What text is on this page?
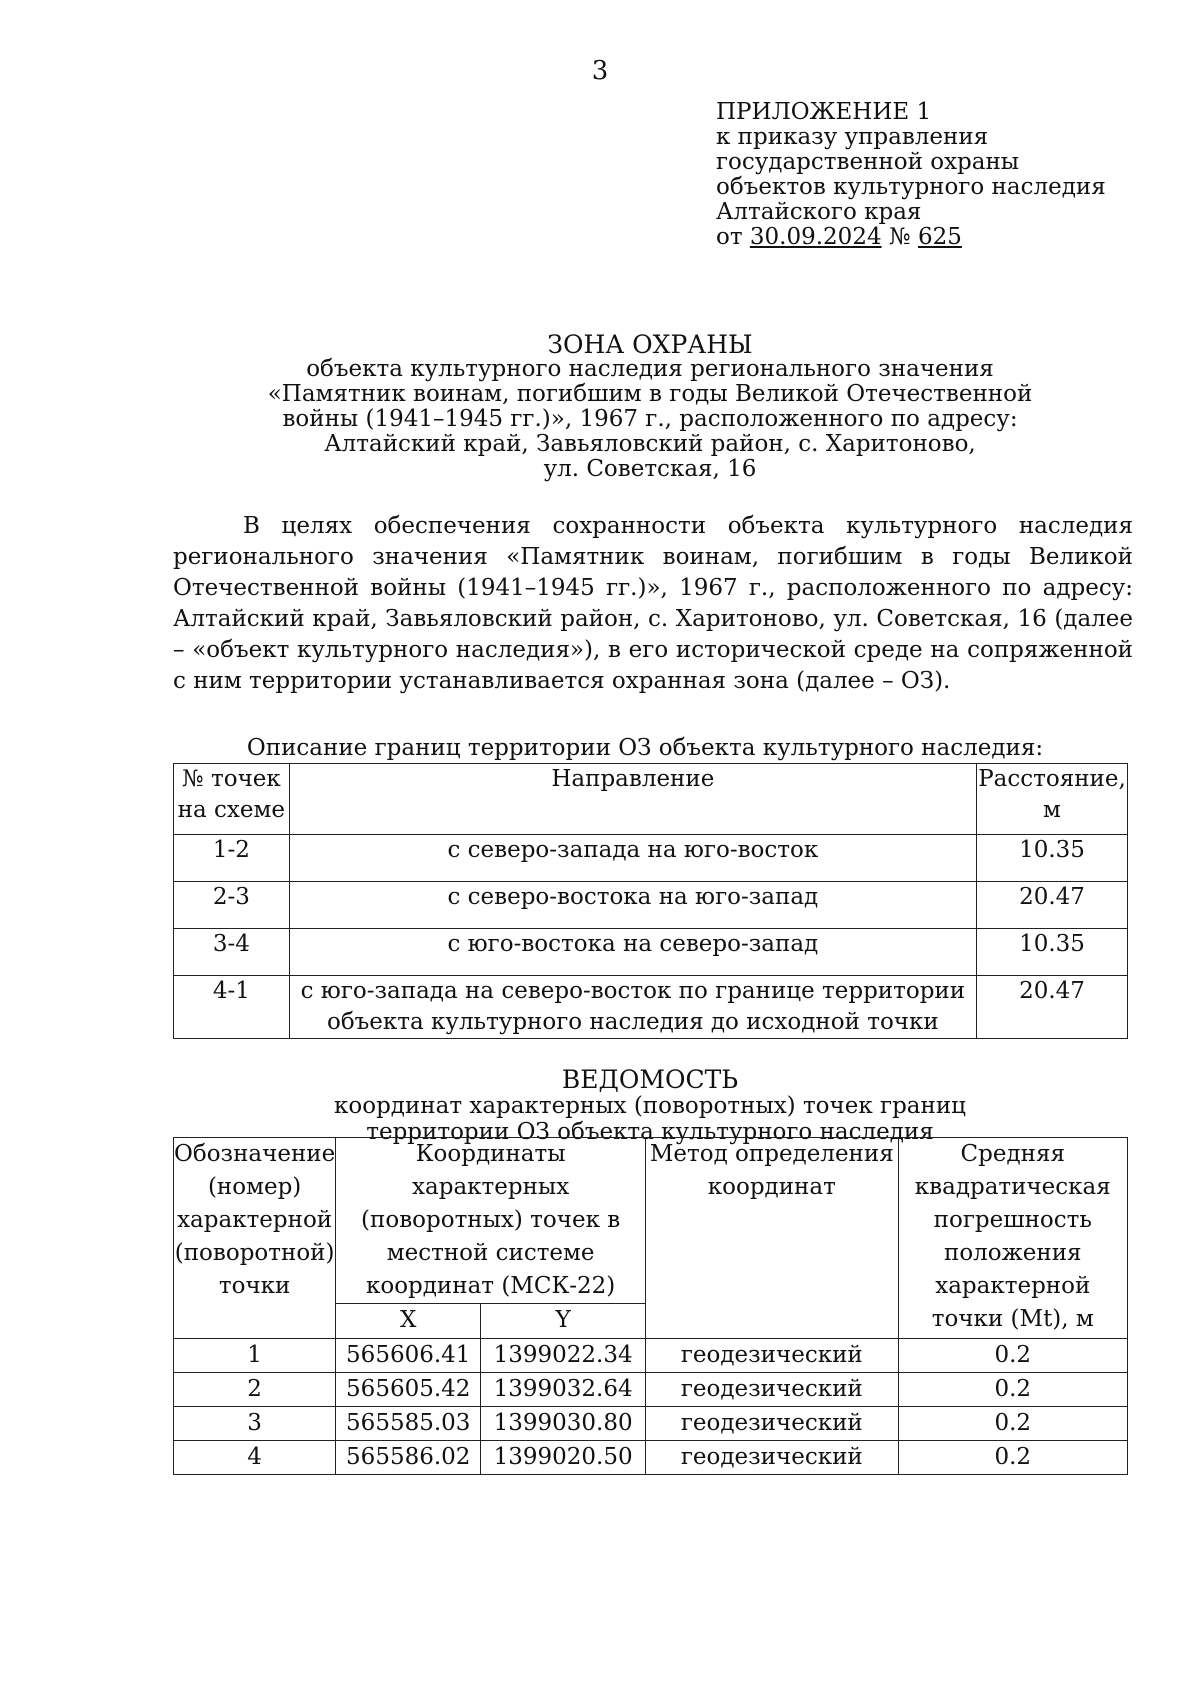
3
ПРИЛОЖЕНИЕ 1
к приказу управления
государственной охраны
объектов культурного наследия
Алтайского края
от 30.09.2024 № 625
ЗОНА ОХРАНЫ
объекта культурного наследия регионального значения
«Памятник воинам, погибшим в годы Великой Отечественной
войны (1941–1945 гг.)», 1967 г., расположенного по адресу:
Алтайский край, Завьяловский район, с. Харитоново,
ул. Советская, 16
В целях обеспечения сохранности объекта культурного наследия регионального значения «Памятник воинам, погибшим в годы Великой Отечественной войны (1941–1945 гг.)», 1967 г., расположенного по адресу: Алтайский край, Завьяловский район, с. Харитоново, ул. Советская, 16 (далее – «объект культурного наследия»), в его исторической среде на сопряженной с ним территории устанавливается охранная зона (далее – ОЗ).
Описание границ территории ОЗ объекта культурного наследия:
№ точек на схеме	Направление	Расстояние, м
1-2	с северо-запада на юго-восток	10.35
2-3	с северо-востока на юго-запад	20.47
3-4	с юго-востока на северо-запад	10.35
4-1	с юго-запада на северо-восток по границе территории объекта культурного наследия до исходной точки	20.47
ВЕДОМОСТЬ
координат характерных (поворотных) точек границ
территории ОЗ объекта культурного наследия
Обозначение (номер) характерной (поворотной) точки	Координаты характерных (поворотных) точек в местной системе координат (МСК-22)		Метод определения координат	Средняя квадратическая погрешность положения характерной точки (Mt), м
	X	Y		
1	565606.41	1399022.34	геодезический	0.2
2	565605.42	1399032.64	геодезический	0.2
3	565585.03	1399030.80	геодезический	0.2
4	565586.02	1399020.50	геодезический	0.2
